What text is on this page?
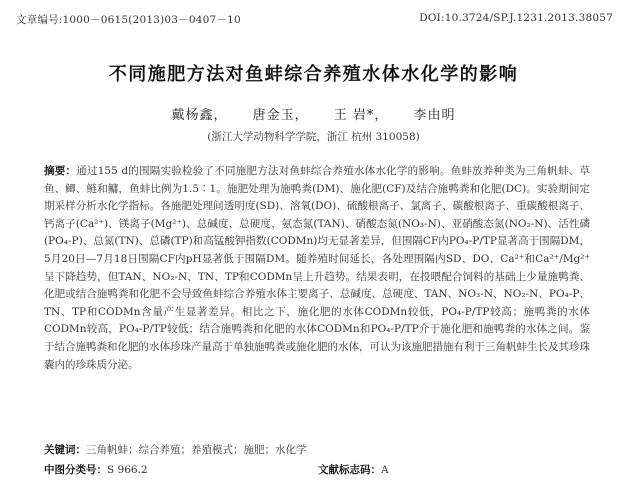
文章编号:1000－0615(2013)03－0407－10	DOI:10.3724/SP.J.1231.2013.38057
不同施肥方法对鱼蚌综合养殖水体水化学的影响
戴杨鑫， 唐金玉， 王 岩*， 李由明
(浙江大学动物科学学院，浙江 杭州 310058)

摘要：通过155 d的围隔实验检验了不同施肥方法对鱼蚌综合养殖水体水化学的影响。鱼蚌放养种类为三角帆蚌、草鱼、鲫、鲢和鳙，鱼蚌比例为1.5∶1。施肥处理为施鸭粪(DM)、施化肥(CF)及结合施鸭粪和化肥(DC)。实验期间定期采样分析水化学指标。各施肥处理间透明度(SD)、溶氧(DO)、硫酸根离子、氯离子、碳酸根离子、重碳酸根离子、钙离子(Ca²⁺)、镁离子(Mg²⁺)、总碱度、总硬度、氨态氮(TAN)、硝酸态氮(NO₃-N)、亚硝酸态氮(NO₂-N)、活性磷(PO₄-P)、总氮(TN)、总磷(TP)和高锰酸钾指数(CODMn)均无显著差异，但围隔CF内PO₄-P/TP显著高于围隔DM，5月20日—7月18日围隔CF内pH显著低于围隔DM。随养殖时间延长，各处理围隔内SD、DO、Ca²⁺和Ca²⁺/Mg²⁺呈下降趋势，但TAN、NO₂-N、TN、TP和CODMn呈上升趋势。结果表明，在投喂配合饲料的基础上少量施鸭粪、化肥或结合施鸭粪和化肥不会导致鱼蚌综合养殖水体主要离子、总碱度、总硬度、TAN、NO₃-N、NO₂-N、PO₄-P、TN、TP和CODMn含量产生显著差异。相比之下，施化肥的水体CODMn较低，PO₄-P/TP较高；施鸭粪的水体CODMn较高，PO₄-P/TP较低；结合施鸭粪和化肥的水体CODMn和PO₄-P/TP介于施化肥和施鸭粪的水体之间。鉴于结合施鸭粪和化肥的水体珍珠产量高于单独施鸭粪或施化肥的水体，可认为该施肥措施有利于三角帆蚌生长及其珍珠囊内的珍珠质分泌。

关键词：三角帆蚌；综合养殖；养殖模式；施肥；水化学
中图分类号：S 966.2	文献标志码：A
